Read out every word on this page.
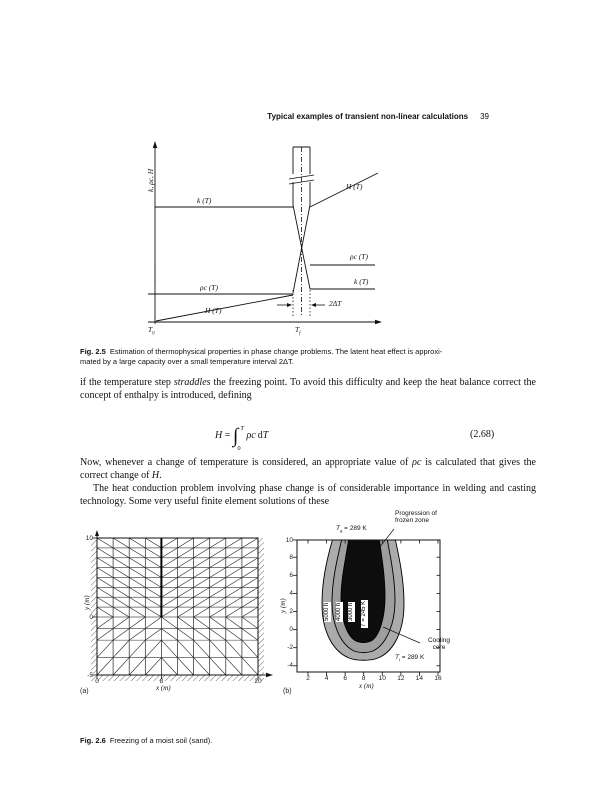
Typical examples of transient non-linear calculations 39
k, ρc, H
k (T)
ρc (T)
H (T)
H (T)
ρc (T)
k (T)
2ΔT
$T_0$	$T_f$
Fig. 2.5 Estimation of thermophysical properties in phase change problems. The latent heat effect is approxi-
mated by a large capacity over a small temperature interval 2ΔT.

if the temperature step straddles the freezing point. To avoid this difficulty and keep the heat balance correct the concept of enthalpy is introduced, defining

H = ∫ T
0
ρc  dT	(2.68)

Now, whenever a change of temperature is considered, an appropriate value of ρc is calculated that gives the correct change of H.

The heat conduction problem involving phase change is of considerable importance in welding and casting technology. Some very useful finite element solutions of these

0	8	20
10
0
-5
y (m)
x (m)
(a)
2 4 6 8 10 12 14 16
10
8
6
4
2
0
-2
-4
$T_a = 289$ K
Progression of
frozen zone
Cooling
core
$T_i = 289$ K
5000 h 4000 h 3000 h
T = 245 K
y (m)
x (m)
(b)
Fig. 2.6 Freezing of a moist soil (sand).
